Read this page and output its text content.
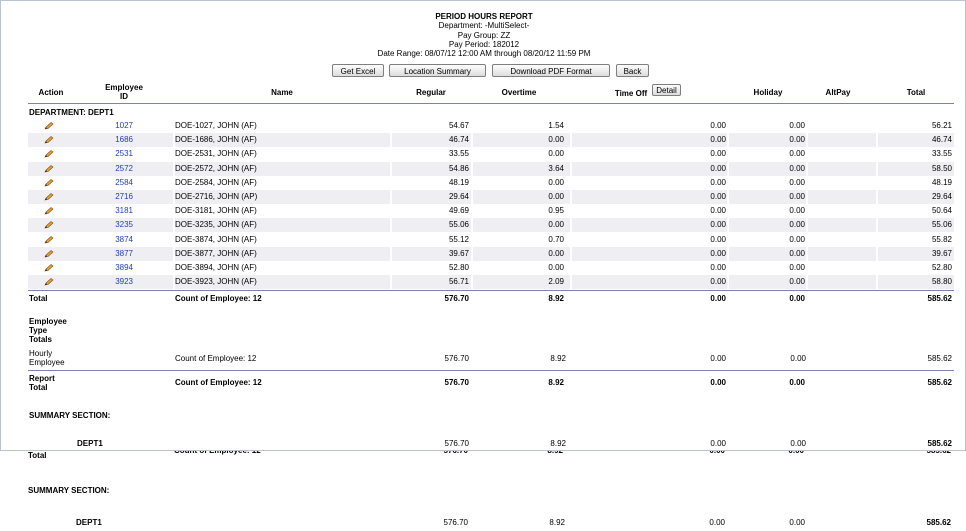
Total
SUMMARY SECTION:
DEPT1	576.70	8.92	0.00	0.00	585.62
PERIOD HOURS REPORT
Department: -MultiSelect-
Pay Group: ZZ
Pay Period: 182012
Date Range: 08/07/12 12:00 AM through 08/20/12 11:59 PM
Get Excel	Location Summary	Download PDF Format	Back
Action
Employee
ID	Name	Regular	Overtime	Time Off	Detail	Holiday	AltPay	Total
DEPARTMENT: DEPT1
1027	DOE-1027, JOHN (AF)	54.67	1.54	0.00	0.00	56.21
1686	DOE-1686, JOHN (AF)	46.74	0.00	0.00	0.00	46.74
2531	DOE-2531, JOHN (AF)	33.55	0.00	0.00	0.00	33.55
2572	DOE-2572, JOHN (AF)	54.86	3.64	0.00	0.00	58.50
2584	DOE-2584, JOHN (AF)	48.19	0.00	0.00	0.00	48.19
2716	DOE-2716, JOHN (AP)	29.64	0.00	0.00	0.00	29.64
3181	DOE-3181, JOHN (AF)	49.69	0.95	0.00	0.00	50.64
3235	DOE-3235, JOHN (AF)	55.06	0.00	0.00	0.00	55.06
3874	DOE-3874, JOHN (AF)	55.12	0.70	0.00	0.00	55.82
3877	DOE-3877, JOHN (AF)	39.67	0.00	0.00	0.00	39.67
3894	DOE-3894, JOHN (AF)	52.80	0.00	0.00	0.00	52.80
3923	DOE-3923, JOHN (AF)	56.71	2.09	0.00	0.00	58.80
Total	Count of Employee: 12	576.70	8.92	0.00	0.00	585.62
Employee
Type
Totals
Hourly
Employee	Count of Employee: 12	576.70	8.92	0.00	0.00	585.62
Report
Total
Count of Employee: 12	576.70	8.92	0.00	0.00	585.62
SUMMARY SECTION:
DEPT1	576.70	8.92	0.00	0.00	585.62
